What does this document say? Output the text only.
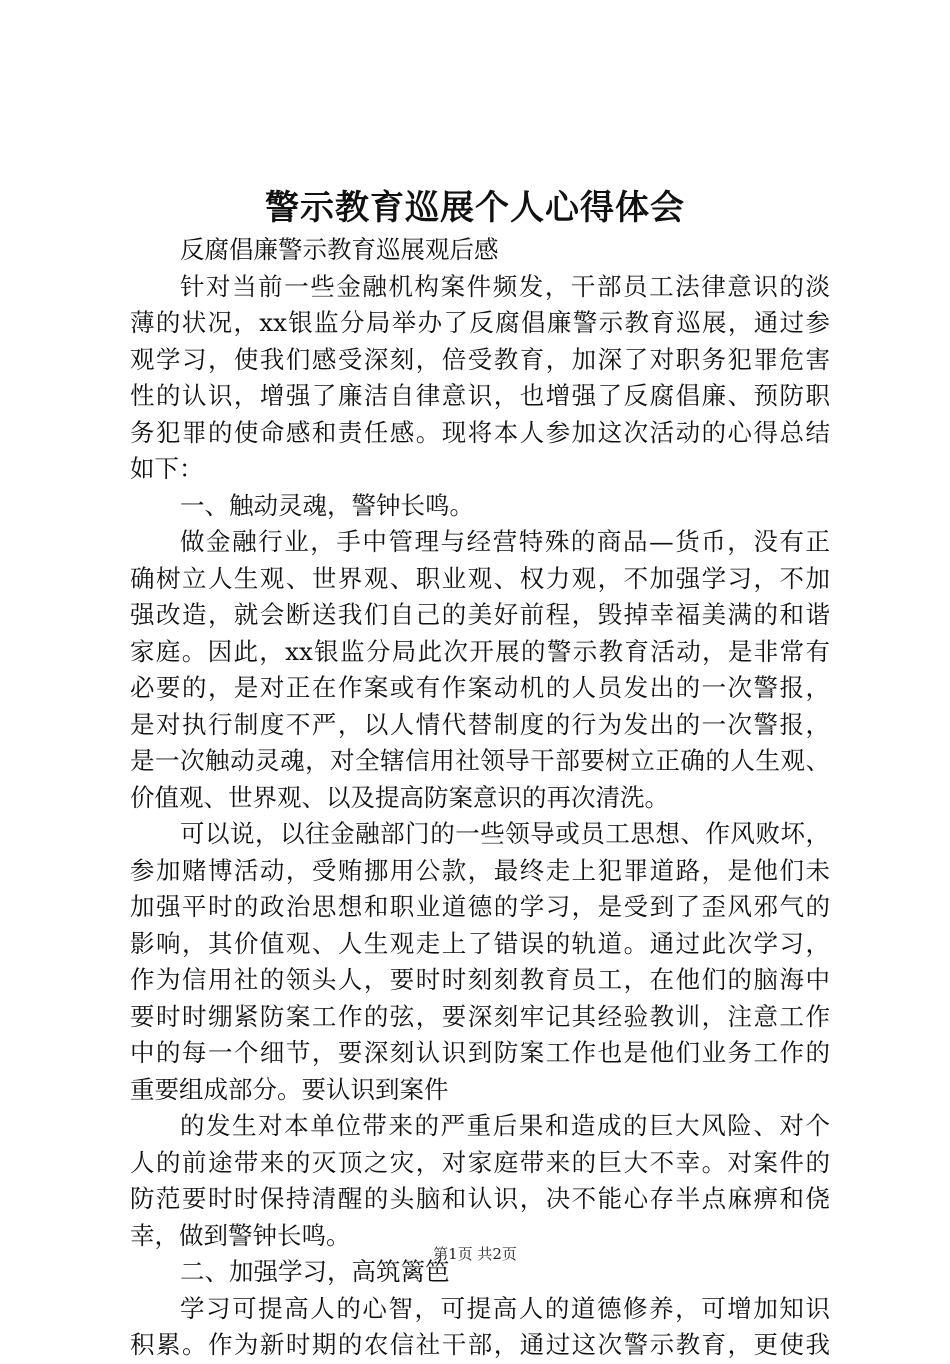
警示教育巡展个人心得体会
反腐倡廉警示教育巡展观后感
针对当前一些金融机构案件频发，干部员工法律意识的淡
薄的状况，xx银监分局举办了反腐倡廉警示教育巡展，通过参
观学习，使我们感受深刻，倍受教育，加深了对职务犯罪危害
性的认识，增强了廉洁自律意识，也增强了反腐倡廉、预防职
务犯罪的使命感和责任感。现将本人参加这次活动的心得总结
如下：
一、触动灵魂，警钟长鸣。
做金融行业，手中管理与经营特殊的商品—货币，没有正
确树立人生观、世界观、职业观、权力观，不加强学习，不加
强改造，就会断送我们自己的美好前程，毁掉幸福美满的和谐
家庭。因此，xx银监分局此次开展的警示教育活动，是非常有
必要的，是对正在作案或有作案动机的人员发出的一次警报，
是对执行制度不严，以人情代替制度的行为发出的一次警报，
是一次触动灵魂，对全辖信用社领导干部要树立正确的人生观、
价值观、世界观、以及提高防案意识的再次清洗。
可以说，以往金融部门的一些领导或员工思想、作风败坏，
参加赌博活动，受贿挪用公款，最终走上犯罪道路，是他们未
加强平时的政治思想和职业道德的学习，是受到了歪风邪气的
影响，其价值观、人生观走上了错误的轨道。通过此次学习，
作为信用社的领头人，要时时刻刻教育员工，在他们的脑海中
要时时绷紧防案工作的弦，要深刻牢记其经验教训，注意工作
中的每一个细节，要深刻认识到防案工作也是他们业务工作的
重要组成部分。要认识到案件
的发生对本单位带来的严重后果和造成的巨大风险、对个
人的前途带来的灭顶之灾，对家庭带来的巨大不幸。对案件的
防范要时时保持清醒的头脑和认识，决不能心存半点麻痹和侥
幸，做到警钟长鸣。
二、加强学习，高筑篱笆
学习可提高人的心智，可提高人的道德修养，可增加知识
积累。作为新时期的农信社干部，通过这次警示教育，更使我
第1页 共2页
